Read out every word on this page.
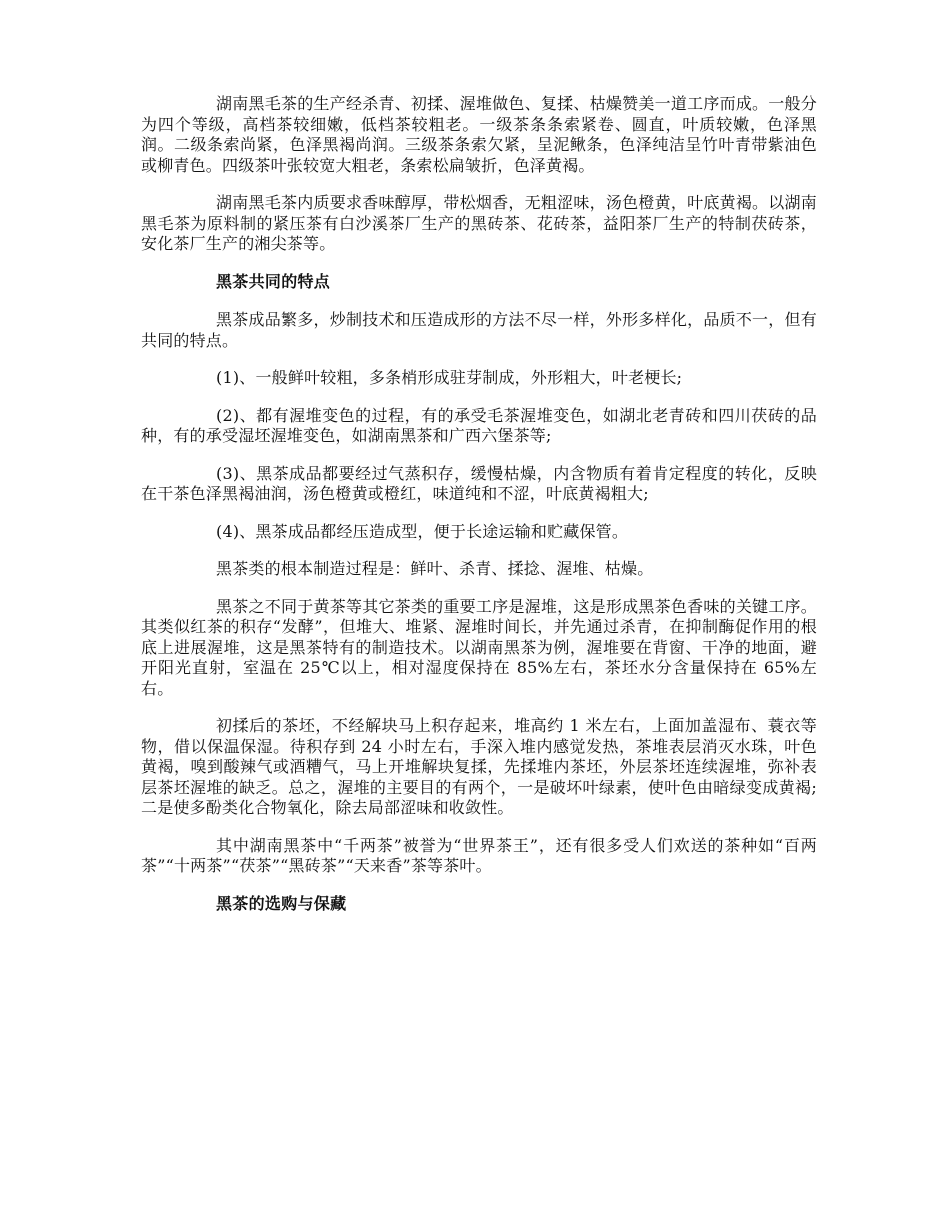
湖南黑毛茶的生产经杀青、初揉、渥堆做色、复揉、枯燥赞美一道工序而成。一般分为四个等级，高档茶较细嫩，低档茶较粗老。一级茶条条索紧卷、圆直，叶质较嫩，色泽黑润。二级条索尚紧，色泽黑褐尚润。三级茶条索欠紧，呈泥鳅条，色泽纯洁呈竹叶青带紫油色或柳青色。四级茶叶张较宽大粗老，条索松扁皱折，色泽黄褐。

湖南黑毛茶内质要求香味醇厚，带松烟香，无粗涩味，汤色橙黄，叶底黄褐。以湖南黑毛茶为原料制的紧压茶有白沙溪茶厂生产的黑砖茶、花砖茶，益阳茶厂生产的特制茯砖茶，安化茶厂生产的湘尖茶等。

黑茶共同的特点

黑茶成品繁多，炒制技术和压造成形的方法不尽一样，外形多样化，品质不一，但有共同的特点。

(1)、一般鲜叶较粗，多条梢形成驻芽制成，外形粗大，叶老梗长;

(2)、都有渥堆变色的过程，有的承受毛茶渥堆变色，如湖北老青砖和四川茯砖的品种，有的承受湿坯渥堆变色，如湖南黑茶和广西六堡茶等;

(3)、黑茶成品都要经过气蒸积存，缓慢枯燥，内含物质有着肯定程度的转化，反映在干茶色泽黑褐油润，汤色橙黄或橙红，味道纯和不涩，叶底黄褐粗大;

(4)、黑茶成品都经压造成型，便于长途运输和贮藏保管。

黑茶类的根本制造过程是：鲜叶、杀青、揉捻、渥堆、枯燥。

黑茶之不同于黄茶等其它茶类的重要工序是渥堆，这是形成黑茶色香味的关键工序。其类似红茶的积存“发酵”，但堆大、堆紧、渥堆时间长，并先通过杀青，在抑制酶促作用的根底上进展渥堆，这是黑茶特有的制造技术。以湖南黑茶为例，渥堆要在背窗、干净的地面，避开阳光直射，室温在 25℃以上，相对湿度保持在 85%左右，茶坯水分含量保持在 65%左右。

初揉后的茶坯，不经解块马上积存起来，堆高约 1 米左右，上面加盖湿布、蓑衣等物，借以保温保湿。待积存到 24 小时左右，手深入堆内感觉发热，茶堆表层消灭水珠，叶色黄褐，嗅到酸辣气或酒糟气，马上开堆解块复揉，先揉堆内茶坯，外层茶坯连续渥堆，弥补表层茶坯渥堆的缺乏。总之，渥堆的主要目的有两个，一是破坏叶绿素，使叶色由暗绿变成黄褐;二是使多酚类化合物氧化，除去局部涩味和收敛性。

其中湖南黑茶中“千两茶”被誉为“世界茶王”，还有很多受人们欢送的茶种如“百两茶”“十两茶”“茯茶”“黑砖茶”“天来香”茶等茶叶。

黑茶的选购与保藏
